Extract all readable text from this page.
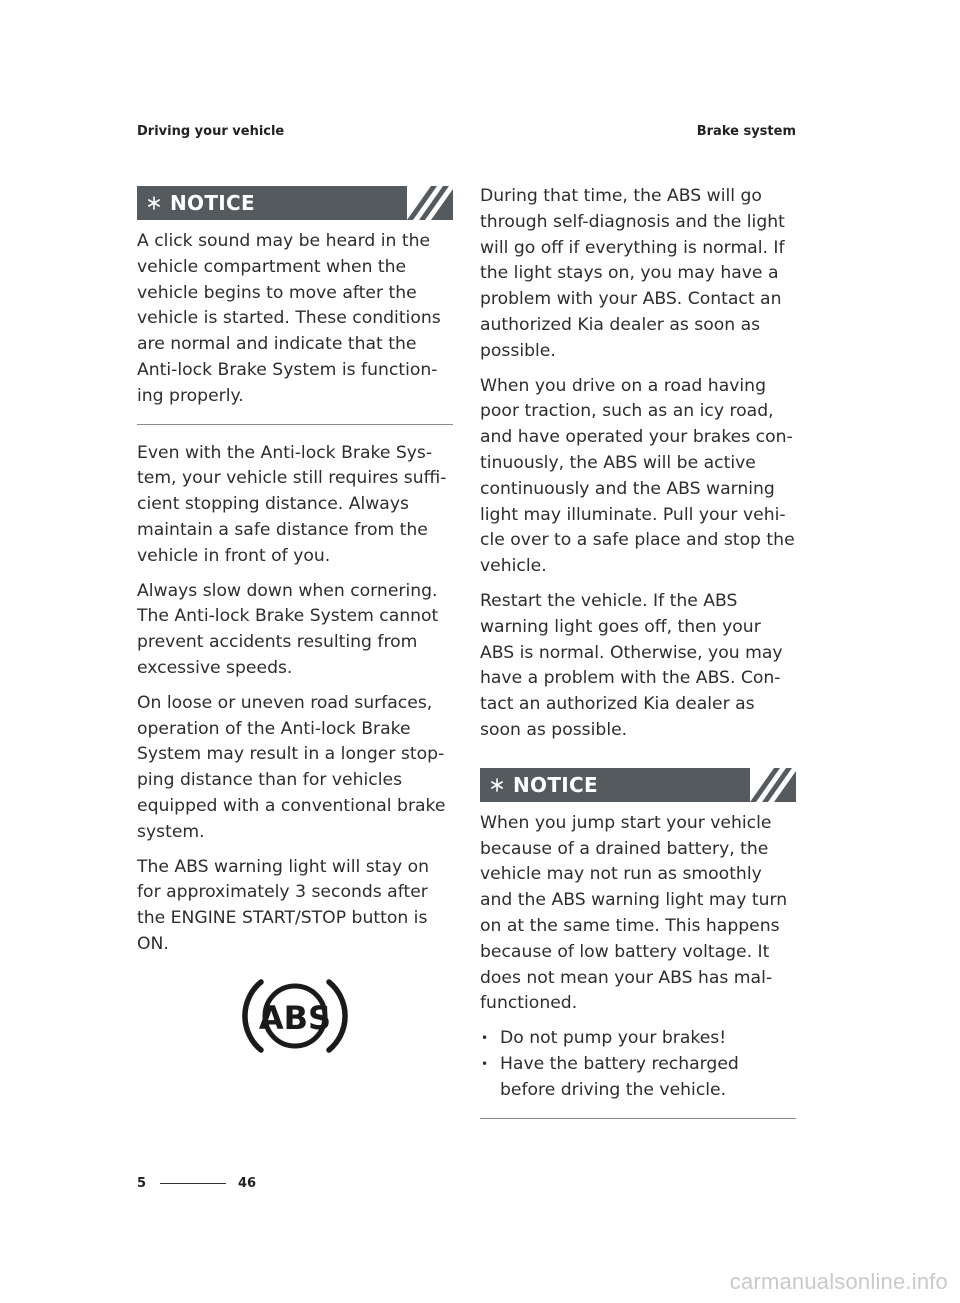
Driving your vehicle	Brake system
NOTICE

A click sound may be heard in the vehicle compartment when the vehicle begins to move after the vehicle is started. These conditions are normal and indicate that the Anti-lock Brake System is function-ing properly.

Even with the Anti-lock Brake Sys-tem, your vehicle still requires suffi-cient stopping distance. Always maintain a safe distance from the vehicle in front of you.

Always slow down when cornering. The Anti-lock Brake System cannot prevent accidents resulting from excessive speeds.

On loose or uneven road surfaces, operation of the Anti-lock Brake System may result in a longer stop-ping distance than for vehicles equipped with a conventional brake system.

The ABS warning light will stay on for approximately 3 seconds after the ENGINE START/STOP button is ON.

ABS

During that time, the ABS will go through self-diagnosis and the light will go off if everything is normal. If the light stays on, you may have a problem with your ABS. Contact an authorized Kia dealer as soon as possible.

When you drive on a road having poor traction, such as an icy road, and have operated your brakes con-tinuously, the ABS will be active continuously and the ABS warning light may illuminate. Pull your vehi-cle over to a safe place and stop the vehicle.

Restart the vehicle. If the ABS warning light goes off, then your ABS is normal. Otherwise, you may have a problem with the ABS. Con-tact an authorized Kia dealer as soon as possible.

NOTICE

When you jump start your vehicle because of a drained battery, the vehicle may not run as smoothly and the ABS warning light may turn on at the same time. This happens because of low battery voltage. It does not mean your ABS has mal-functioned.

• Do not pump your brakes!
• Have the battery recharged before driving the vehicle.
5	46
carmanualsonline.info
